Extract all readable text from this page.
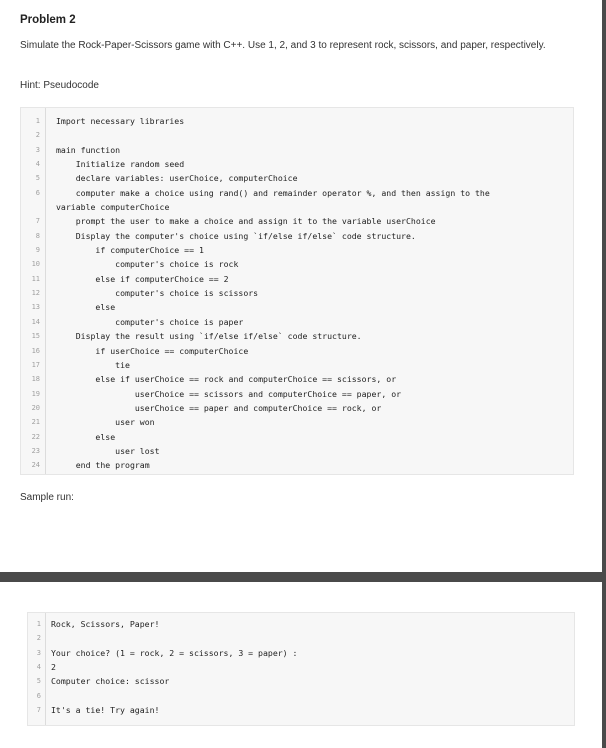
Problem 2
Simulate the Rock-Paper-Scissors game with C++. Use 1, 2, and 3 to represent rock, scissors, and paper, respectively.
Hint: Pseudocode
1 Import necessary libraries
2
3 main function
4 Initialize random seed
5 declare variables: userChoice, computerChoice
6 computer make a choice using rand() and remainder operator %, and then assign to the
variable computerChoice
7 prompt the user to make a choice and assign it to the variable userChoice
8 Display the computer's choice using `if/else if/else` code structure.
9 if computerChoice == 1
10 computer's choice is rock
11 else if computerChoice == 2
12 computer's choice is scissors
13 else
14 computer's choice is paper
15 Display the result using `if/else if/else` code structure.
16 if userChoice == computerChoice
17 tie
18 else if userChoice == rock and computerChoice == scissors, or
19 userChoice == scissors and computerChoice == paper, or
20 userChoice == paper and computerChoice == rock, or
21 user won
22 else
23 user lost
24 end the program
Sample run:
1 Rock, Scissors, Paper!
2
3 Your choice? (1 = rock, 2 = scissors, 3 = paper) :
4 2
5 Computer choice: scissor
6
7 It's a tie! Try again!
